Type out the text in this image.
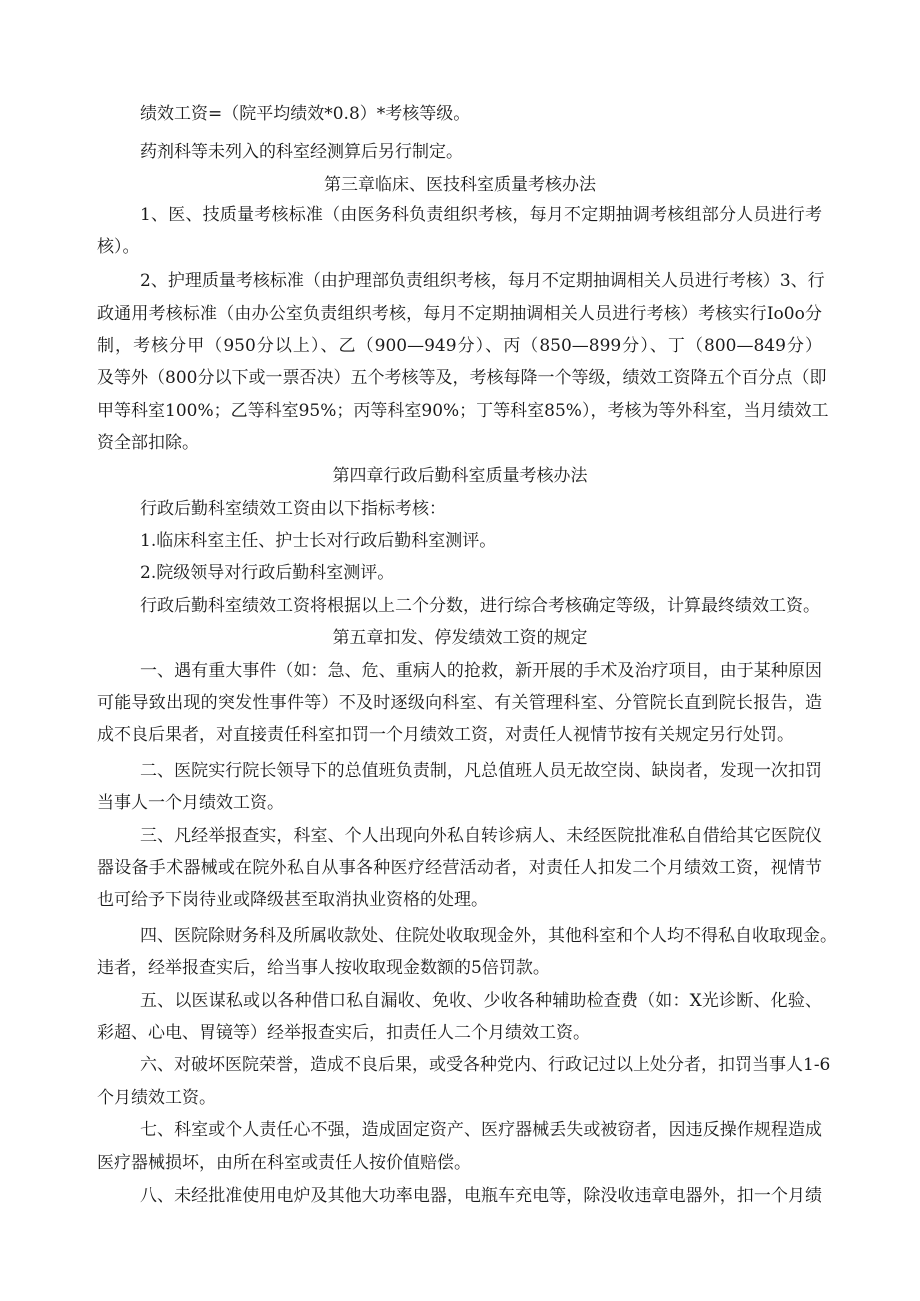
绩效工资=（院平均绩效*0.8）*考核等级。
药剂科等未列入的科室经测算后另行制定。
第三章临床、医技科室质量考核办法
1、医、技质量考核标准（由医务科负责组织考核，每月不定期抽调考核组部分人员进行考
核）。
2、护理质量考核标准（由护理部负责组织考核，每月不定期抽调相关人员进行考核）3、行
政通用考核标准（由办公室负责组织考核，每月不定期抽调相关人员进行考核）考核实行Io0o分
制，考核分甲（950分以上）、乙（900—949分）、丙（850—899分）、丁（800—849分）
及等外（800分以下或一票否决）五个考核等及，考核每降一个等级，绩效工资降五个百分点（即
甲等科室100%；乙等科室95%；丙等科室90%；丁等科室85%），考核为等外科室，当月绩效工
资全部扣除。
第四章行政后勤科室质量考核办法
行政后勤科室绩效工资由以下指标考核：
1.临床科室主任、护士长对行政后勤科室测评。
2.院级领导对行政后勤科室测评。
行政后勤科室绩效工资将根据以上二个分数，进行综合考核确定等级，计算最终绩效工资。
第五章扣发、停发绩效工资的规定
一、遇有重大事件（如：急、危、重病人的抢救，新开展的手术及治疗项目，由于某种原因
可能导致出现的突发性事件等）不及时逐级向科室、有关管理科室、分管院长直到院长报告，造
成不良后果者，对直接责任科室扣罚一个月绩效工资，对责任人视情节按有关规定另行处罚。
二、医院实行院长领导下的总值班负责制，凡总值班人员无故空岗、缺岗者，发现一次扣罚
当事人一个月绩效工资。
三、凡经举报查实，科室、个人出现向外私自转诊病人、未经医院批准私自借给其它医院仪
器设备手术器械或在院外私自从事各种医疗经营活动者，对责任人扣发二个月绩效工资，视情节
也可给予下岗待业或降级甚至取消执业资格的处理。
四、医院除财务科及所属收款处、住院处收取现金外，其他科室和个人均不得私自收取现金。
违者，经举报查实后，给当事人按收取现金数额的5倍罚款。
五、以医谋私或以各种借口私自漏收、免收、少收各种辅助检查费（如：X光诊断、化验、
彩超、心电、胃镜等）经举报查实后，扣责任人二个月绩效工资。
六、对破坏医院荣誉，造成不良后果，或受各种党内、行政记过以上处分者，扣罚当事人1-6
个月绩效工资。
七、科室或个人责任心不强，造成固定资产、医疗器械丢失或被窃者，因违反操作规程造成
医疗器械损坏，由所在科室或责任人按价值赔偿。
八、未经批准使用电炉及其他大功率电器，电瓶车充电等，除没收违章电器外，扣一个月绩
